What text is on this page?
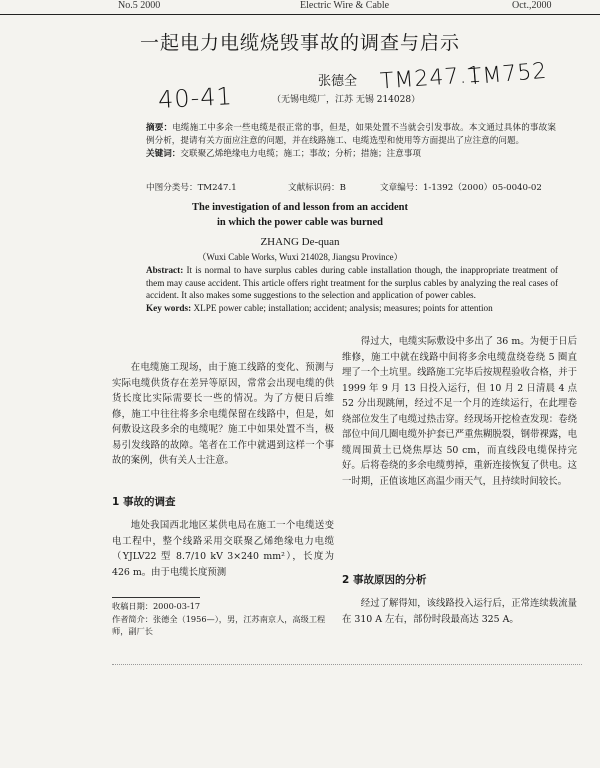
No.5 2000	Electric Wire & Cable	Oct.,2000
一起电力电缆烧毁事故的调查与启示
40-41
TM247.1
TM752
张德全
（无锡电缆厂，江苏 无锡 214028）
摘要：电缆施工中多余一些电缆是很正常的事，但是，如果处置不当就会引发事故。本文通过具体的事故案例分析，提请有关方面应注意的问题，并在线路施工、电缆选型和使用等方面提出了应注意的问题。
关键词：交联聚乙烯绝缘电力电缆；施工；事故；分析；措施；注意事项
中图分类号：TM247.1	文献标识码：B	文章编号：1-1392（2000）05-0040-02
The investigation of and lesson from an accident
in which the power cable was burned
ZHANG De-quan
（Wuxi Cable Works, Wuxi 214028, Jiangsu Province）
Abstract: It is normal to have surplus cables during cable installation though, the inappropriate treatment of them may cause accident. This article offers right treatment for the surplus cables by analyzing the real cases of accident. It also makes some suggestions to the selection and application of power cables.
Key words: XLPE power cable; installation; accident; analysis; measures; points for attention
在电缆施工现场，由于施工线路的变化、预测与实际电缆供货存在差异等原因，常常会出现电缆的供货长度比实际需要长一些的情况。为了方便日后维修，施工中往往将多余电缆保留在线路中，但是，如何敷设这段多余的电缆呢？施工中如果处置不当，极易引发线路的故障。笔者在工作中就遇到这样一个事故的案例，供有关人士注意。
1 事故的调查
地处我国西北地区某供电局在施工一个电缆送变电工程中，整个线路采用交联聚乙烯绝缘电力电缆（YJLV22 型 8.7/10 kV 3×240 mm²），长度为 426 m。由于电缆长度预测
收稿日期：2000-03-17
作者简介：张德全（1956—），男，江苏南京人，高级工程师，副厂长
得过大，电缆实际敷设中多出了 36 m。为便于日后维修，施工中就在线路中间将多余电缆盘绕卷绕 5 圈直埋了一个土坑里。线路施工完毕后按规程验收合格，并于 1999 年 9 月 13 日投入运行，但 10 月 2 日清晨 4 点 52 分出现跳闸，经过不足一个月的连续运行，在此埋卷绕部位发生了电缆过热击穿。经现场开挖检查发现：卷绕部位中间几圈电缆外护套已严重焦糊脱裂，钢带裸露，电缆周围黄土已烧焦厚达 50 cm，而直线段电缆保持完好。后将卷绕的多余电缆剪掉，重新连接恢复了供电。这一时期，正值该地区高温少雨天气，且持续时间较长。
2 事故原因的分析
经过了解得知，该线路投入运行后，正常连续载流量在 310 A 左右，部份时段最高达 325 A。
